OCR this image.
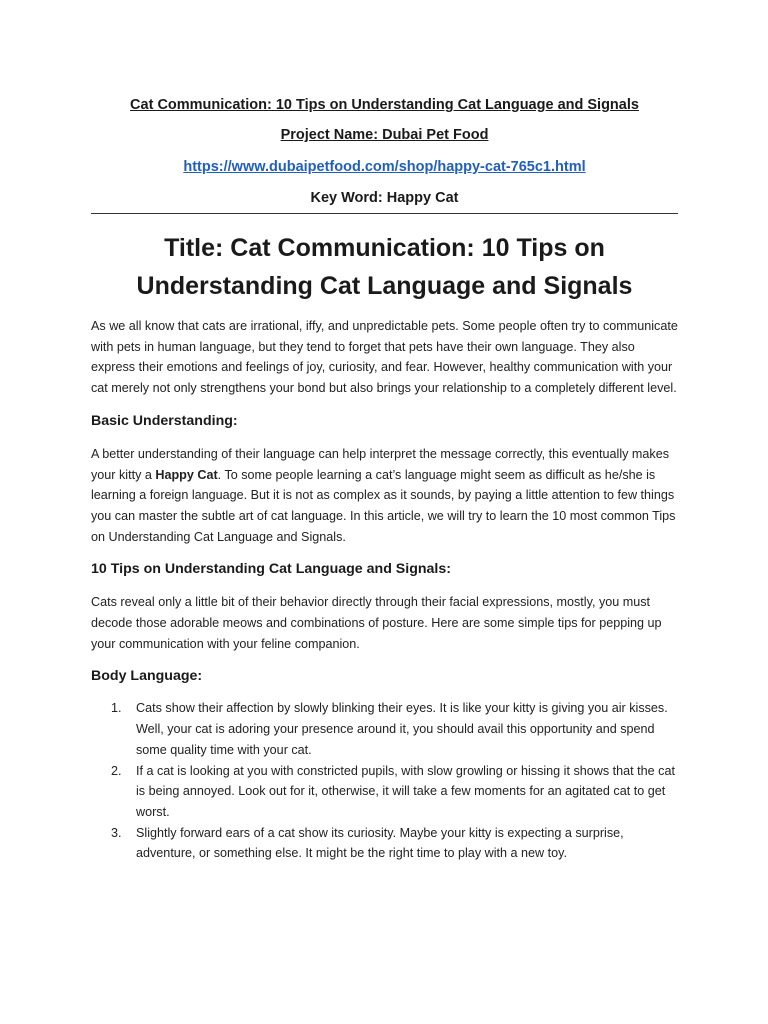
Cat Communication: 10 Tips on Understanding Cat Language and Signals

Project Name: Dubai Pet Food

https://www.dubaipetfood.com/shop/happy-cat-765c1.html
Key Word: Happy Cat
Title: Cat Communication: 10 Tips on
Understanding Cat Language and Signals

As we all know that cats are irrational, iffy, and unpredictable pets. Some people often try to communicate with pets in human language, but they tend to forget that pets have their own language. They also express their emotions and feelings of joy, curiosity, and fear. However, healthy communication with your cat merely not only strengthens your bond but also brings your relationship to a completely different level.

Basic Understanding:

A better understanding of their language can help interpret the message correctly, this eventually makes your kitty a Happy Cat. To some people learning a cat’s language might seem as difficult as he/she is learning a foreign language. But it is not as complex as it sounds, by paying a little attention to few things you can master the subtle art of cat language. In this article, we will try to learn the 10 most common Tips on Understanding Cat Language and Signals.

10 Tips on Understanding Cat Language and Signals:

Cats reveal only a little bit of their behavior directly through their facial expressions, mostly, you must decode those adorable meows and combinations of posture. Here are some simple tips for pepping up your communication with your feline companion.

Body Language:
1. Cats show their affection by slowly blinking their eyes. It is like your kitty is giving you air kisses. Well, your cat is adoring your presence around it, you should avail this opportunity and spend some quality time with your cat.
2. If a cat is looking at you with constricted pupils, with slow growling or hissing it shows that the cat is being annoyed. Look out for it, otherwise, it will take a few moments for an agitated cat to get worst.
3. Slightly forward ears of a cat show its curiosity. Maybe your kitty is expecting a surprise, adventure, or something else. It might be the right time to play with a new toy.
